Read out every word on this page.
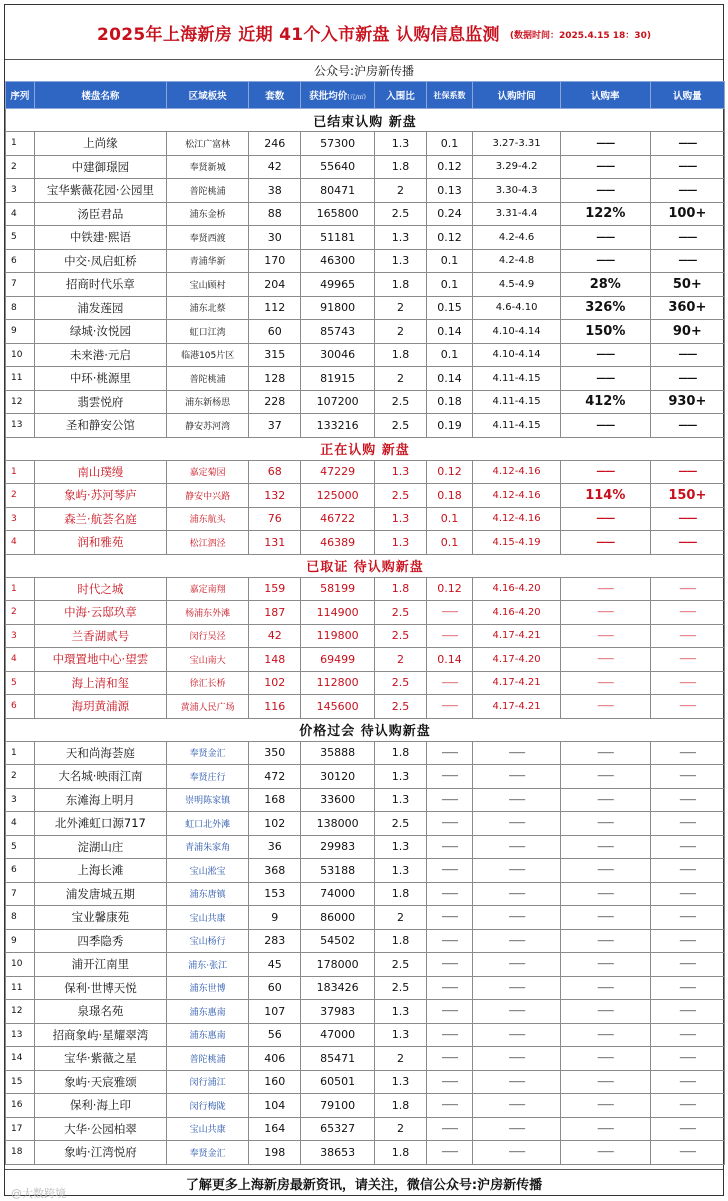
2025年上海新房 近期 41个入市新盘 认购信息监测 (数据时间：2025.4.15 18：30)
公众号:沪房新传播
序列	楼盘名称	区域板块	套数	获批均价(元/㎡)	入围比	社保系数	认购时间	认购率	认购量
已结束认购 新盘									
1	上尚缘	松江广富林	246	57300	1.3	0.1	3.27-3.31	——	——
2	中建御璟园	奉贤新城	42	55640	1.8	0.12	3.29-4.2	——	——
3	宝华紫薇花园·公园里	普陀桃浦	38	80471	2	0.13	3.30-4.3	——	——
4	汤臣君品	浦东金桥	88	165800	2.5	0.24	3.31-4.4	122%	100+
5	中铁建·熙语	奉贤西渡	30	51181	1.3	0.12	4.2-4.6	——	——
6	中交·凤启虹桥	青浦华新	170	46300	1.3	0.1	4.2-4.8	——	——
7	招商时代乐章	宝山顾村	204	49965	1.8	0.1	4.5-4.9	28%	50+
8	浦发莲园	浦东北蔡	112	91800	2	0.15	4.6-4.10	326%	360+
9	绿城·汝悦园	虹口江湾	60	85743	2	0.14	4.10-4.14	150%	90+
10	未来港·元启	临港105片区	315	30046	1.8	0.1	4.10-4.14	——	——
11	中环·桃源里	普陀桃浦	128	81915	2	0.14	4.11-4.15	——	——
12	翡雲悦府	浦东新杨思	228	107200	2.5	0.18	4.11-4.15	412%	930+
13	圣和静安公馆	静安苏河湾	37	133216	2.5	0.19	4.11-4.15	——	——
正在认购 新盘									
1	南山璞缦	嘉定菊园	68	47229	1.3	0.12	4.12-4.16	——	——
2	象屿·苏河琴庐	静安中兴路	132	125000	2.5	0.18	4.12-4.16	114%	150+
3	森兰·航荟名庭	浦东航头	76	46722	1.3	0.1	4.12-4.16	——	——
4	润和雅苑	松江泗泾	131	46389	1.3	0.1	4.15-4.19	——	——
已取证 待认购新盘									
1	时代之城	嘉定南翔	159	58199	1.8	0.12	4.16-4.20	——	——
2	中海·云邸玖章	杨浦东外滩	187	114900	2.5	——	4.16-4.20	——	——
3	兰香湖贰号	闵行吴泾	42	119800	2.5	——	4.17-4.21	——	——
4	中環置地中心·望雲	宝山南大	148	69499	2	0.14	4.17-4.20	——	——
5	海上清和玺	徐汇长桥	102	112800	2.5	——	4.17-4.21	——	——
6	海玥黄浦源	黄浦人民广场	116	145600	2.5	——	4.17-4.21	——	——
价格过会 待认购新盘									
1	天和尚海荟庭	奉贤金汇	350	35888	1.8	——	——	——	——
2	大名城·映雨江南	奉贤庄行	472	30120	1.3	——	——	——	——
3	东滩海上明月	崇明陈家镇	168	33600	1.3	——	——	——	——
4	北外滩虹口源717	虹口北外滩	102	138000	2.5	——	——	——	——
5	淀湖山庄	青浦朱家角	36	29983	1.3	——	——	——	——
6	上海长滩	宝山淞宝	368	53188	1.3	——	——	——	——
7	浦发唐城五期	浦东唐镇	153	74000	1.8	——	——	——	——
8	宝业馨康苑	宝山共康	9	86000	2	——	——	——	——
9	四季隐秀	宝山杨行	283	54502	1.8	——	——	——	——
10	浦开江南里	浦东·张江	45	178000	2.5	——	——	——	——
11	保利·世博天悦	浦东世博	60	183426	2.5	——	——	——	——
12	泉璟名苑	浦东惠南	107	37983	1.3	——	——	——	——
13	招商象屿·星耀翠湾	浦东惠南	56	47000	1.3	——	——	——	——
14	宝华·紫薇之星	普陀桃浦	406	85471	2	——	——	——	——
15	象屿·天宸雅颂	闵行浦江	160	60501	1.3	——	——	——	——
16	保利·海上印	闵行梅陇	104	79100	1.8	——	——	——	——
17	大华·公园柏翠	宝山共康	164	65327	2	——	——	——	——
18	象屿·江湾悦府	奉贤金汇	198	38653	1.8	——	——	——	——
了解更多上海新房最新资讯，请关注，微信公众号:沪房新传播
@大数跨境
